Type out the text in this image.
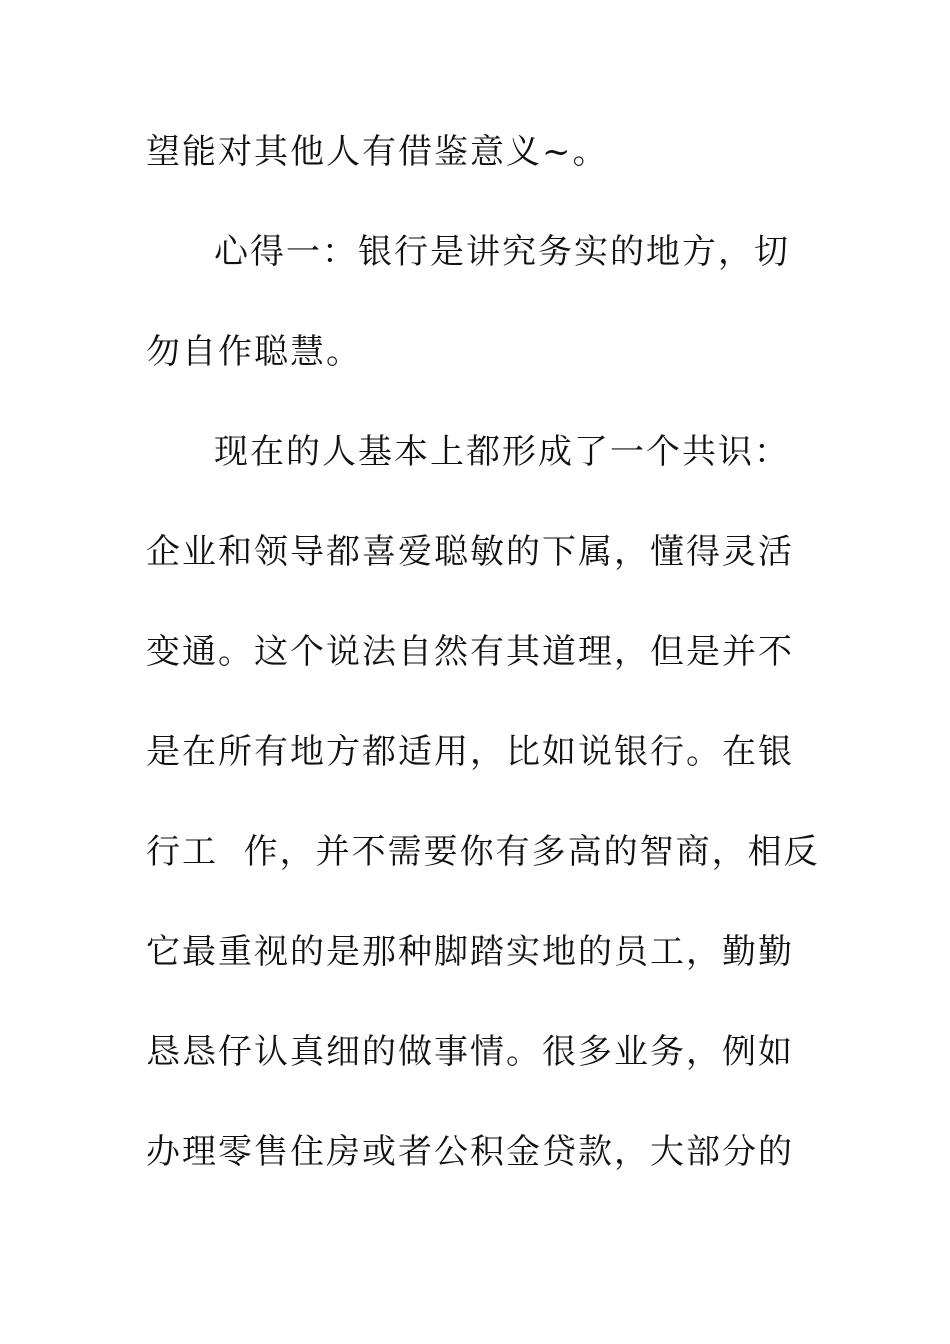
望能对其他人有借鉴意义~。
心得一：银行是讲究务实的地方，切
勿自作聪慧。
现在的人基本上都形成了一个共识：
企业和领导都喜爱聪敏的下属，懂得灵活
变通。这个说法自然有其道理，但是并不
是在所有地方都适用，比如说银行。在银
行工  作，并不需要你有多高的智商，相反
它最重视的是那种脚踏实地的员工，勤勤
恳恳仔认真细的做事情。很多业务，例如
办理零售住房或者公积金贷款，大部分的
